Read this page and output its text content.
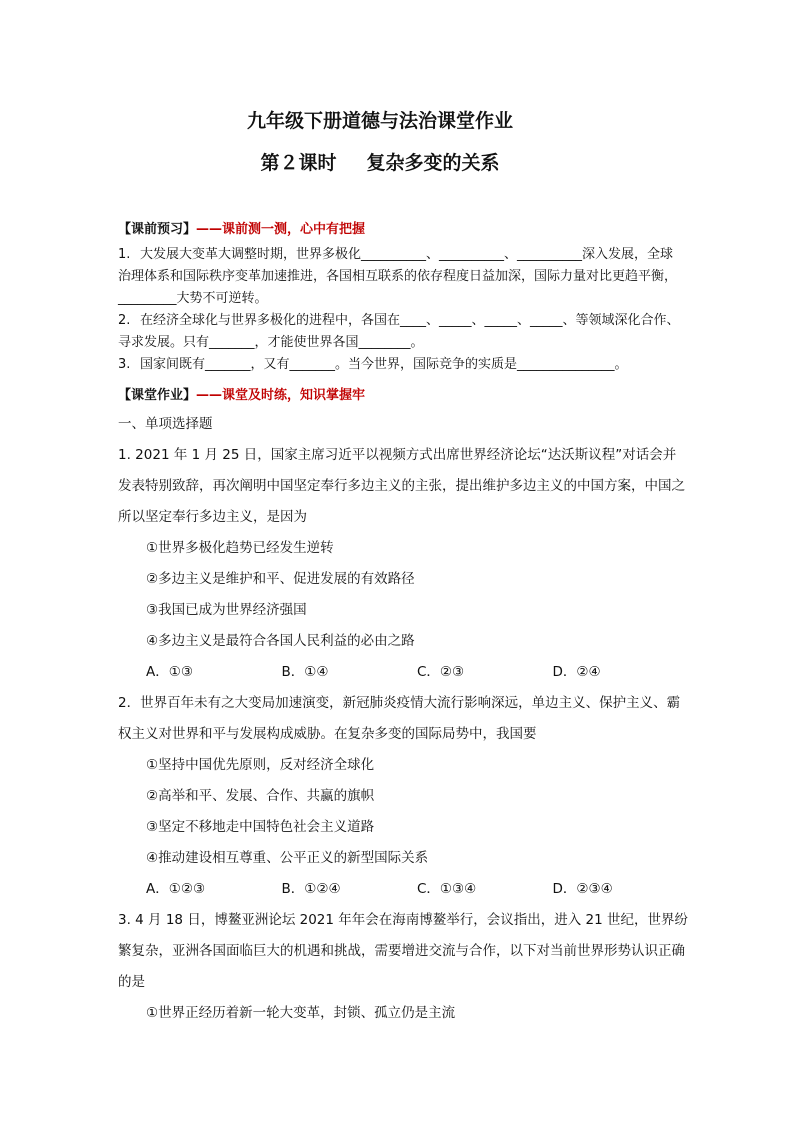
九年级下册道德与法治课堂作业
第２课时 复杂多变的关系
【课前预习】——课前测一测，心中有把握

1. 大发展大变革大调整时期，世界多极化__________、__________、__________深入发展，全球治理体系和国际秩序变革加速推进，各国相互联系的依存程度日益加深，国际力量对比更趋平衡，_________大势不可逆转。

2. 在经济全球化与世界多极化的进程中，各国在____、_____、_____、_____、等领域深化合作、寻求发展。只有_______，才能使世界各国________。

3. 国家间既有_______，又有_______。当今世界，国际竞争的实质是_______________。

【课堂作业】——课堂及时练，知识掌握牢

一、单项选择题

1. 2021 年 1 月 25 日，国家主席习近平以视频方式出席世界经济论坛“达沃斯议程”对话会并发表特别致辞，再次阐明中国坚定奉行多边主义的主张，提出维护多边主义的中国方案，中国之所以坚定奉行多边主义，是因为

①世界多极化趋势已经发生逆转

②多边主义是维护和平、促进发展的有效路径

③我国已成为世界经济强国

④多边主义是最符合各国人民利益的必由之路

A．①③	B．①④	C．②③	D．②④

2．世界百年未有之大变局加速演变，新冠肺炎疫情大流行影响深远，单边主义、保护主义、霸权主义对世界和平与发展构成威胁。在复杂多变的国际局势中，我国要

①坚持中国优先原则，反对经济全球化

②高举和平、发展、合作、共赢的旗帜

③坚定不移地走中国特色社会主义道路

④推动建设相互尊重、公平正义的新型国际关系

A．①②③	B．①②④	C．①③④	D．②③④

3. 4 月 18 日，博鳌亚洲论坛 2021 年年会在海南博鳌举行，会议指出，进入 21 世纪，世界纷繁复杂，亚洲各国面临巨大的机遇和挑战，需要增进交流与合作，以下对当前世界形势认识正确的是

①世界正经历着新一轮大变革，封锁、孤立仍是主流
